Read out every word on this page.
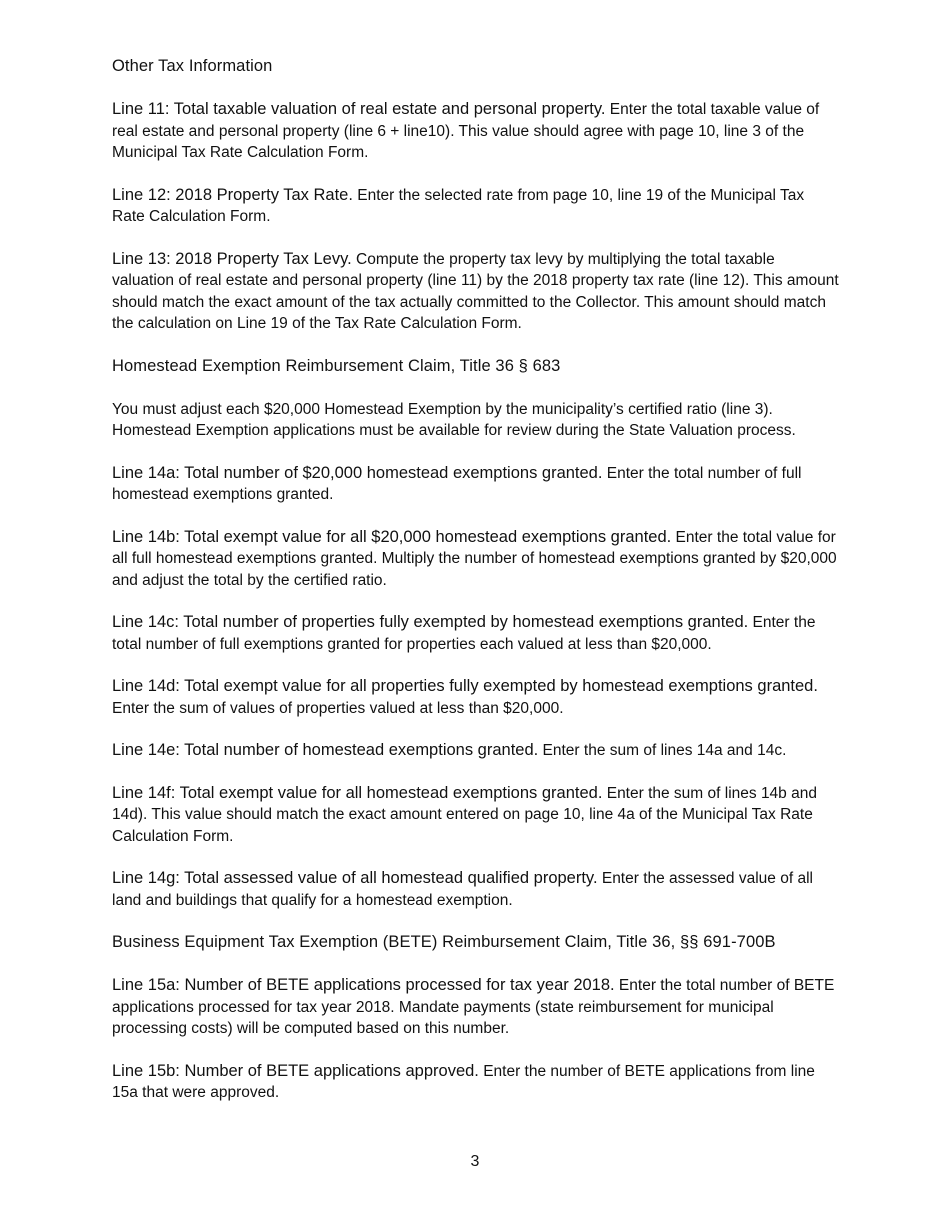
Other Tax Information

Line 11: Total taxable valuation of real estate and personal property. Enter the total taxable value of real estate and personal property (line 6 + line10). This value should agree with page 10, line 3 of the Municipal Tax Rate Calculation Form.

Line 12: 2018 Property Tax Rate. Enter the selected rate from page 10, line 19 of the Municipal Tax Rate Calculation Form.

Line 13: 2018 Property Tax Levy. Compute the property tax levy by multiplying the total taxable valuation of real estate and personal property (line 11) by the 2018 property tax rate (line 12). This amount should match the exact amount of the tax actually committed to the Collector. This amount should match the calculation on Line 19 of the Tax Rate Calculation Form.

Homestead Exemption Reimbursement Claim, Title 36 § 683

You must adjust each $20,000 Homestead Exemption by the municipality’s certified ratio (line 3). Homestead Exemption applications must be available for review during the State Valuation process.

Line 14a: Total number of $20,000 homestead exemptions granted. Enter the total number of full homestead exemptions granted.

Line 14b: Total exempt value for all $20,000 homestead exemptions granted. Enter the total value for all full homestead exemptions granted. Multiply the number of homestead exemptions granted by $20,000 and adjust the total by the certified ratio.

Line 14c: Total number of properties fully exempted by homestead exemptions granted. Enter the total number of full exemptions granted for properties each valued at less than $20,000.

Line 14d: Total exempt value for all properties fully exempted by homestead exemptions granted. Enter the sum of values of properties valued at less than $20,000.

Line 14e: Total number of homestead exemptions granted. Enter the sum of lines 14a and 14c.

Line 14f: Total exempt value for all homestead exemptions granted. Enter the sum of lines 14b and 14d). This value should match the exact amount entered on page 10, line 4a of the Municipal Tax Rate Calculation Form.

Line 14g: Total assessed value of all homestead qualified property. Enter the assessed value of all land and buildings that qualify for a homestead exemption.

Business Equipment Tax Exemption (BETE) Reimbursement Claim, Title 36, §§ 691-700B

Line 15a: Number of BETE applications processed for tax year 2018. Enter the total number of BETE applications processed for tax year 2018. Mandate payments (state reimbursement for municipal processing costs) will be computed based on this number.

Line 15b: Number of BETE applications approved. Enter the number of BETE applications from line 15a that were approved.

3
